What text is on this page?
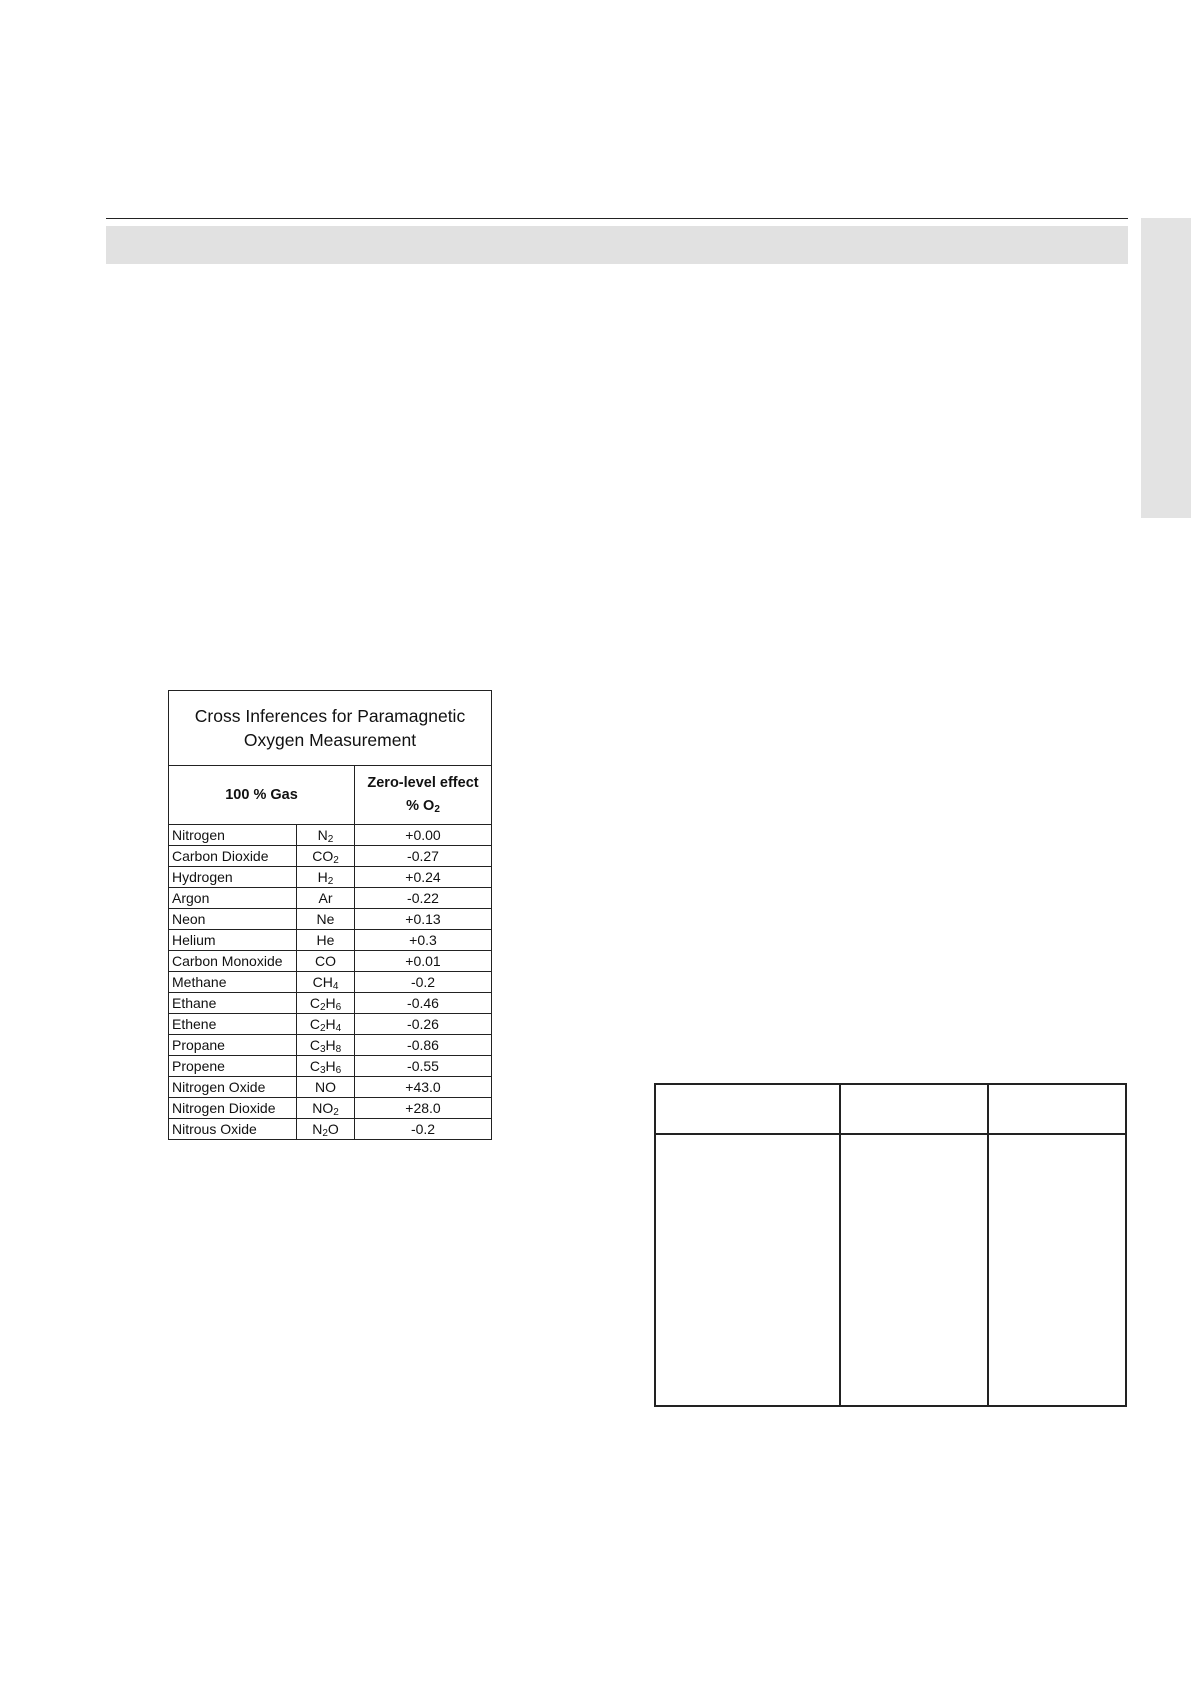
Cross Inferences for Paramagnetic
Oxygen Measurement		
100 % Gas		Zero-level effect
% $O_2$
Nitrogen	$N_2$	+0.00
Carbon Dioxide	$CO_2$	-0.27
Hydrogen	$H_2$	+0.24
Argon	Ar	-0.22
Neon	Ne	+0.13
Helium	He	+0.3
Carbon Monoxide	CO	+0.01
Methane	$CH_4$	-0.2
Ethane	$C_2H_6$	-0.46
Ethene	$C_2H_4$	-0.26
Propane	$C_3H_8$	-0.86
Propene	$C_3H_6$	-0.55
Nitrogen Oxide	NO	+43.0
Nitrogen Dioxide	$NO_2$	+28.0
Nitrous Oxide	$N_2O$	-0.2
